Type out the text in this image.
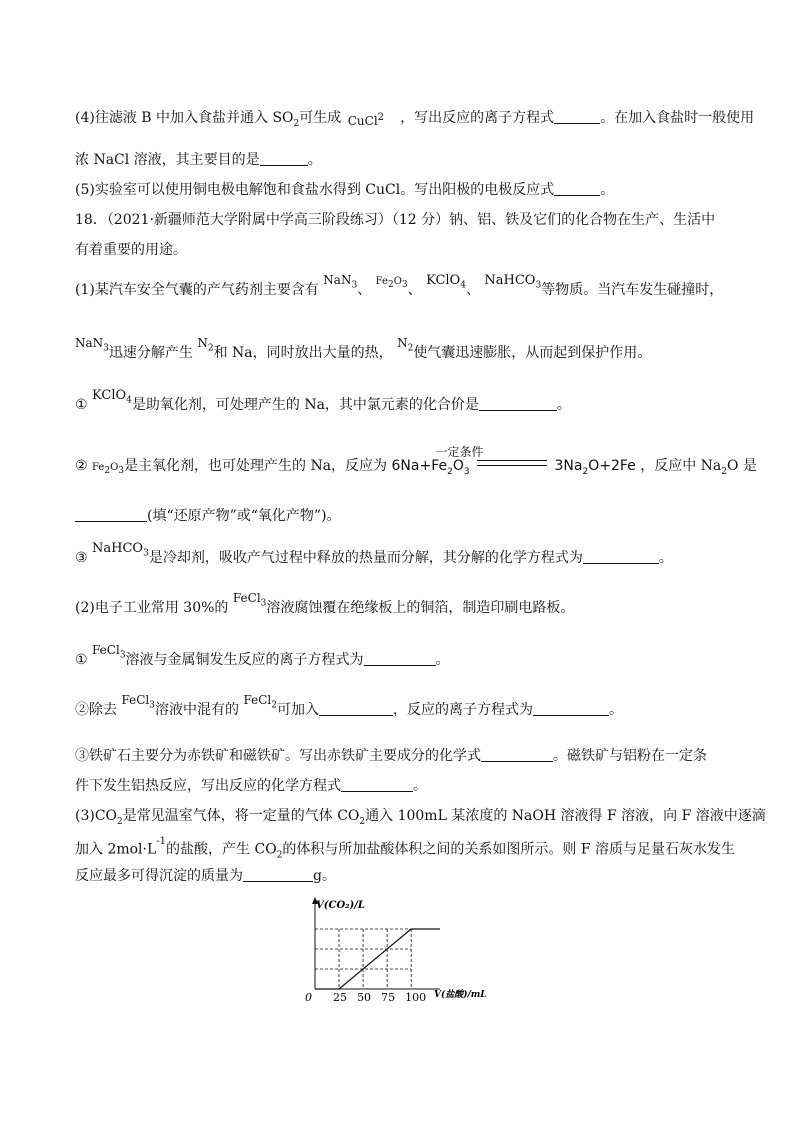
(4)往滤液 B 中加入食盐并通入 $SO_2$可生成 CuCl$^2$ ，写出反应的离子方程式	。在加入食盐时一般使用
浓 NaCl 溶液，其主要目的是	。
(5)实验室可以使用铜电极电解饱和食盐水得到 CuCl。写出阳极的电极反应式	。
18．（2021·新疆师范大学附属中学高三阶段练习）（12 分）钠、铝、铁及它们的化合物在生产、生活中
有着重要的用途。
(1)某汽车安全气囊的产气药剂主要含有 NaN$_3$、 $^{Fe_2O_3}$、 KClO$_4$、 NaHCO$_3$等物质。当汽车发生碰撞时，
NaN$_3$迅速分解产生 $N_2$和 Na，同时放出大量的热， $N_2$使气囊迅速膨胀，从而起到保护作用。
① KClO$_4$是助氧化剂，可处理产生的 Na，其中氯元素的化合价是	。
② $Fe_2O_3$是主氧化剂，也可处理产生的 Na，反应为 $6Na+Fe_2O_3$
一定条件
$3Na_2O+2Fe$ ，反应中 $Na_2O$ 是
(填“还原产物”或“氧化产物”)。
③ NaHCO$_3$是冷却剂，吸收产气过程中释放的热量而分解，其分解的化学方程式为	。
(2)电子工业常用 30%的 FeCl$_3$溶液腐蚀覆在绝缘板上的铜箔，制造印刷电路板。
① FeCl$_3$溶液与金属铜发生反应的离子方程式为	。
②除去 FeCl$_3$溶液中混有的 FeCl$_2$可加入	，反应的离子方程式为	。
③铁矿石主要分为赤铁矿和磁铁矿。写出赤铁矿主要成分的化学式	。磁铁矿与铝粉在一定条
件下发生铝热反应，写出反应的化学方程式	。
$(3)CO_2$是常见温室气体，将一定量的气体 $CO_2$通入 100mL 某浓度的 NaOH 溶液得 F 溶液，向 F 溶液中逐滴
加入 $2mol\cdot L^{-1}$的盐酸，产生 $CO_2$的体积与所加盐酸体积之间的关系如图所示。则 F 溶质与足量石灰水发生
反应最多可得沉淀的质量为	g。
V(CO₂)/L
V(盐酸)/mL
0 25 50 75 100
